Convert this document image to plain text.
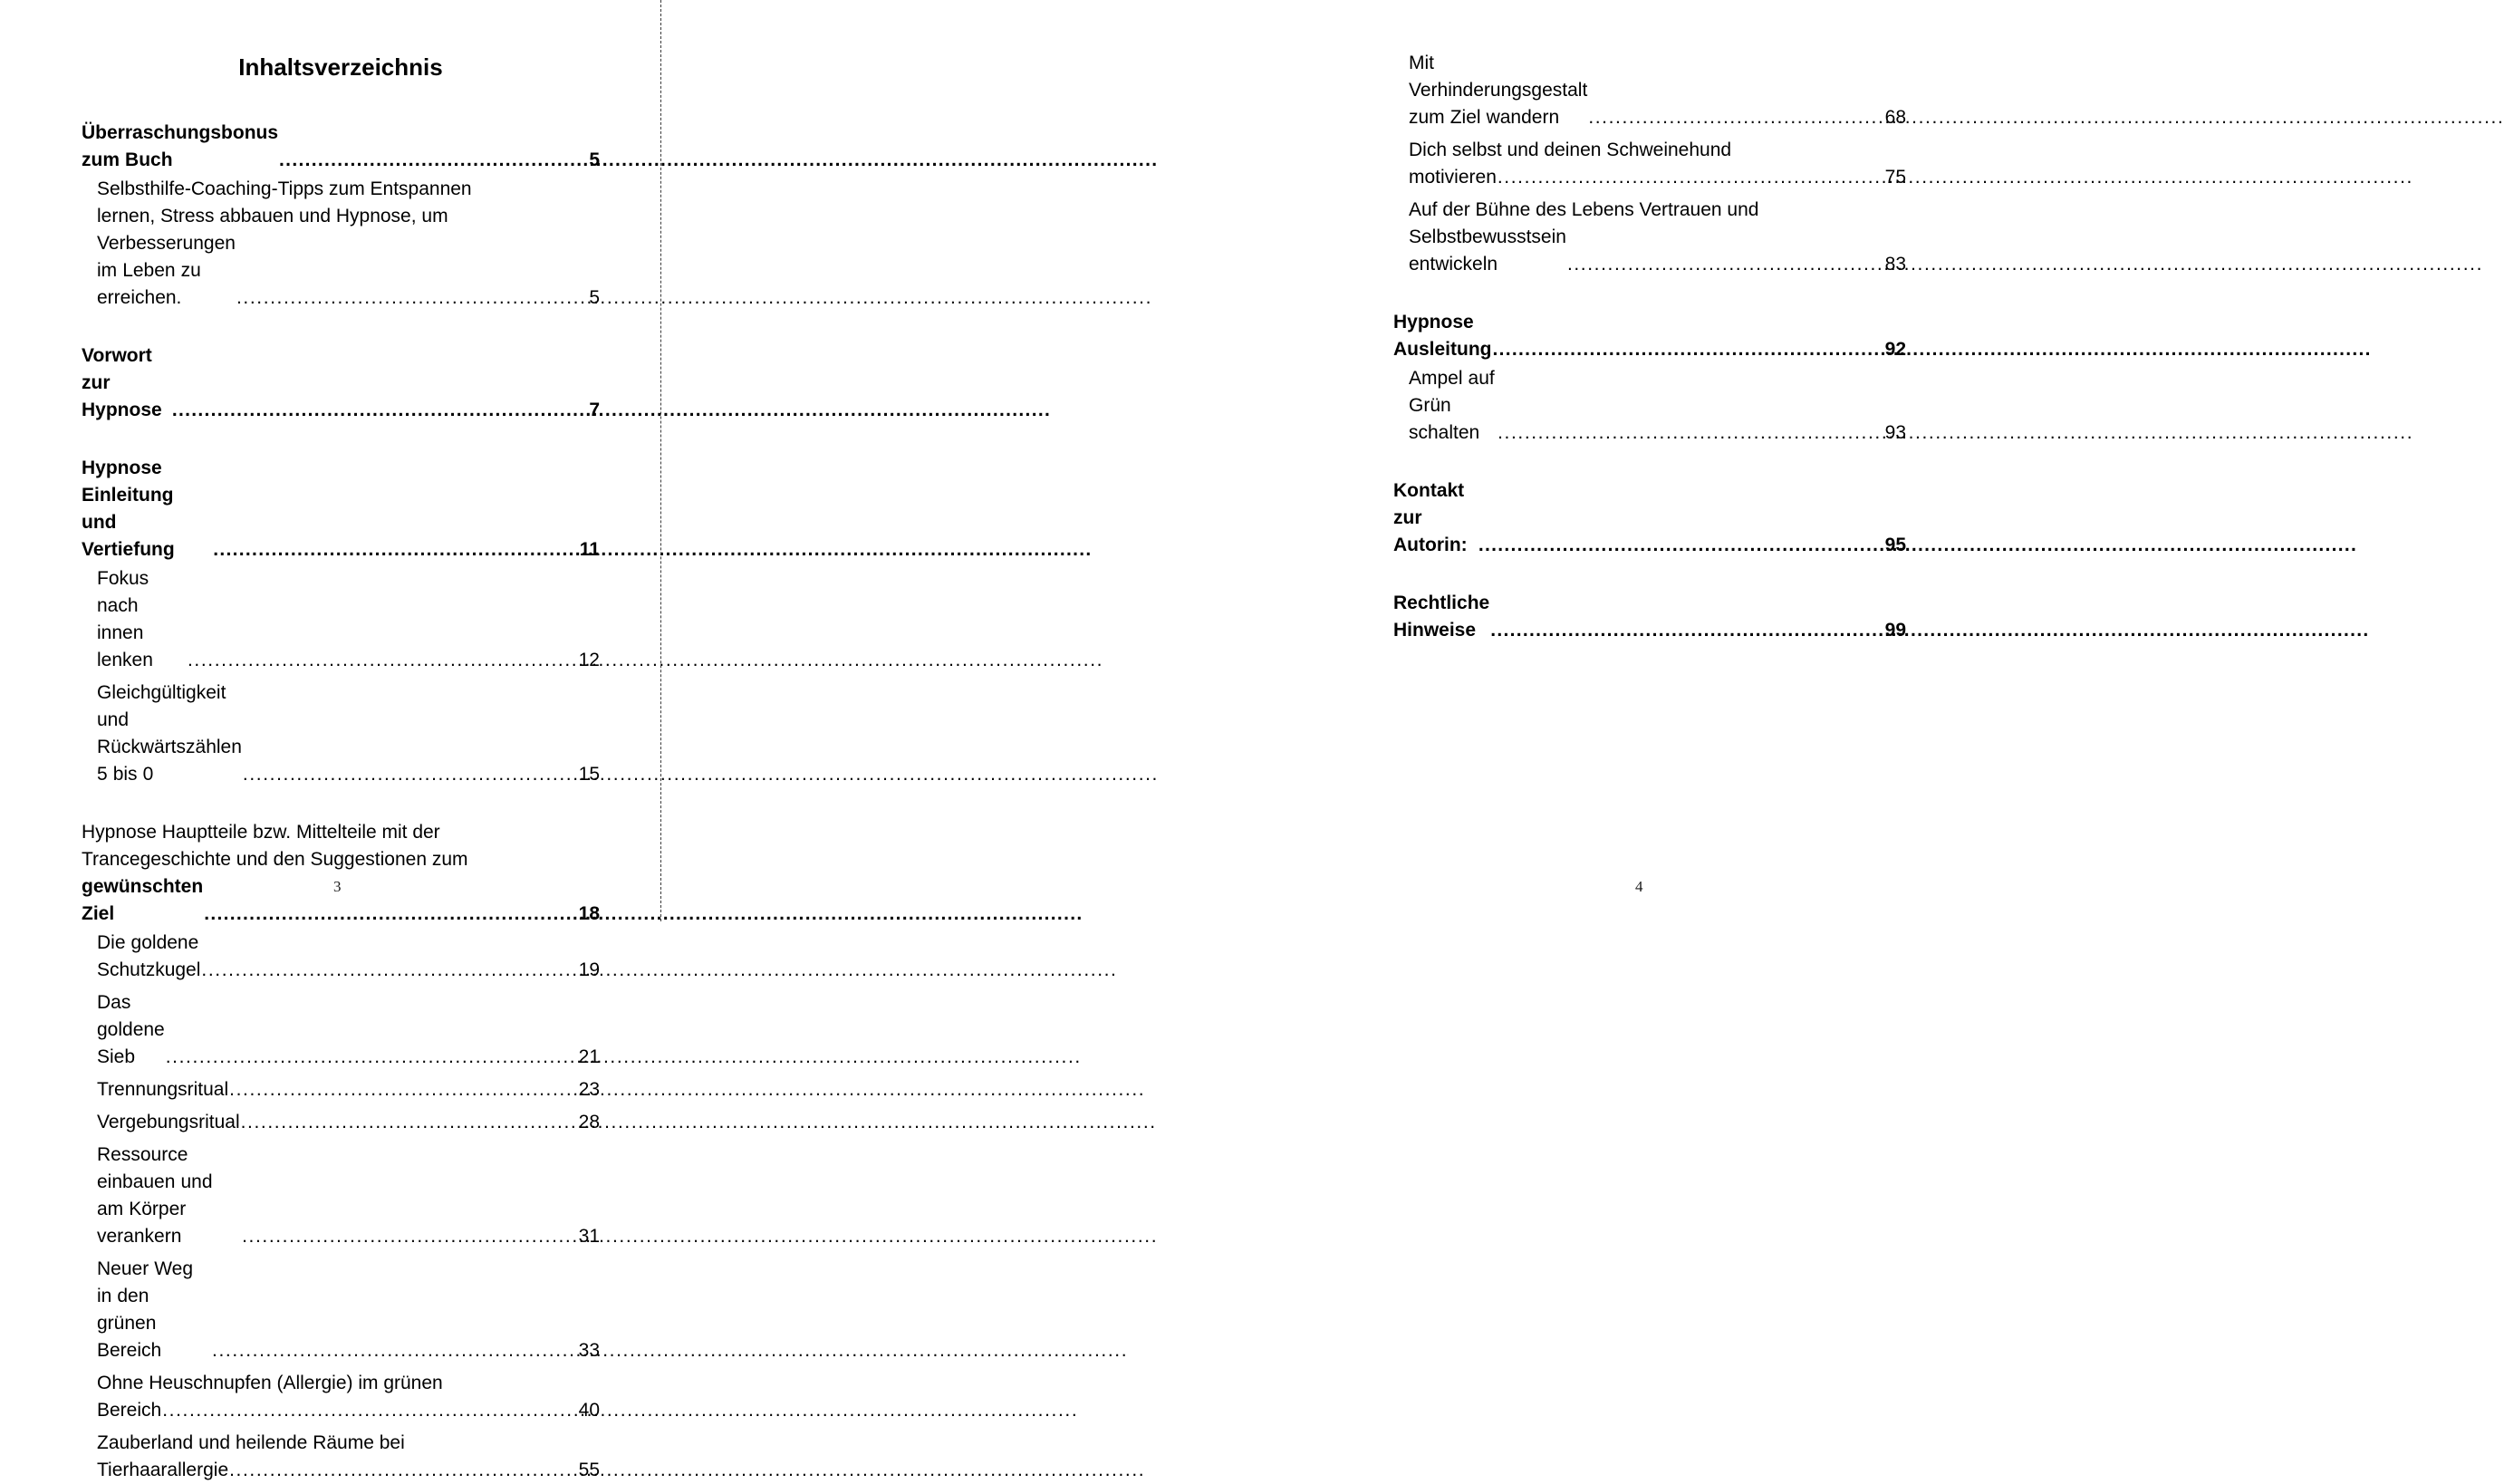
Inhaltsverzeichnis
Überraschungsbonus zum Buch .....	5
Selbsthilfe-Coaching-Tipps zum Entspannen
lernen, Stress abbauen und Hypnose, um
Verbesserungen im Leben zu erreichen. .....	5
Vorwort zur Hypnose .....	7
Hypnose Einleitung und Vertiefung .....	11
Fokus nach innen lenken .....	12
Gleichgültigkeit und Rückwärtszählen 5 bis 0 .....	15
Hypnose Hauptteile bzw. Mittelteile mit der
Trancegeschichte und den Suggestionen zum
gewünschten Ziel .....	18
Die goldene Schutzkugel .....	19
Das goldene Sieb .....	21
Trennungsritual .....	23
Vergebungsritual .....	28
Ressource einbauen und am Körper verankern .....	31
Neuer Weg in den grünen Bereich .....	33
Ohne Heuschnupfen (Allergie) im grünen
Bereich .....	40
Zauberland und heilende Räume bei
Tierhaarallergie .....	55
3
Mit Verhinderungsgestalt zum Ziel wandern .....	68
Dich selbst und deinen Schweinehund
motivieren .....	75
Auf der Bühne des Lebens Vertrauen und
Selbstbewusstsein entwickeln .....	83
Hypnose Ausleitung .....	92
Ampel auf Grün schalten .....	93
Kontakt zur Autorin: .....	95
Rechtliche Hinweise .....	99
4
